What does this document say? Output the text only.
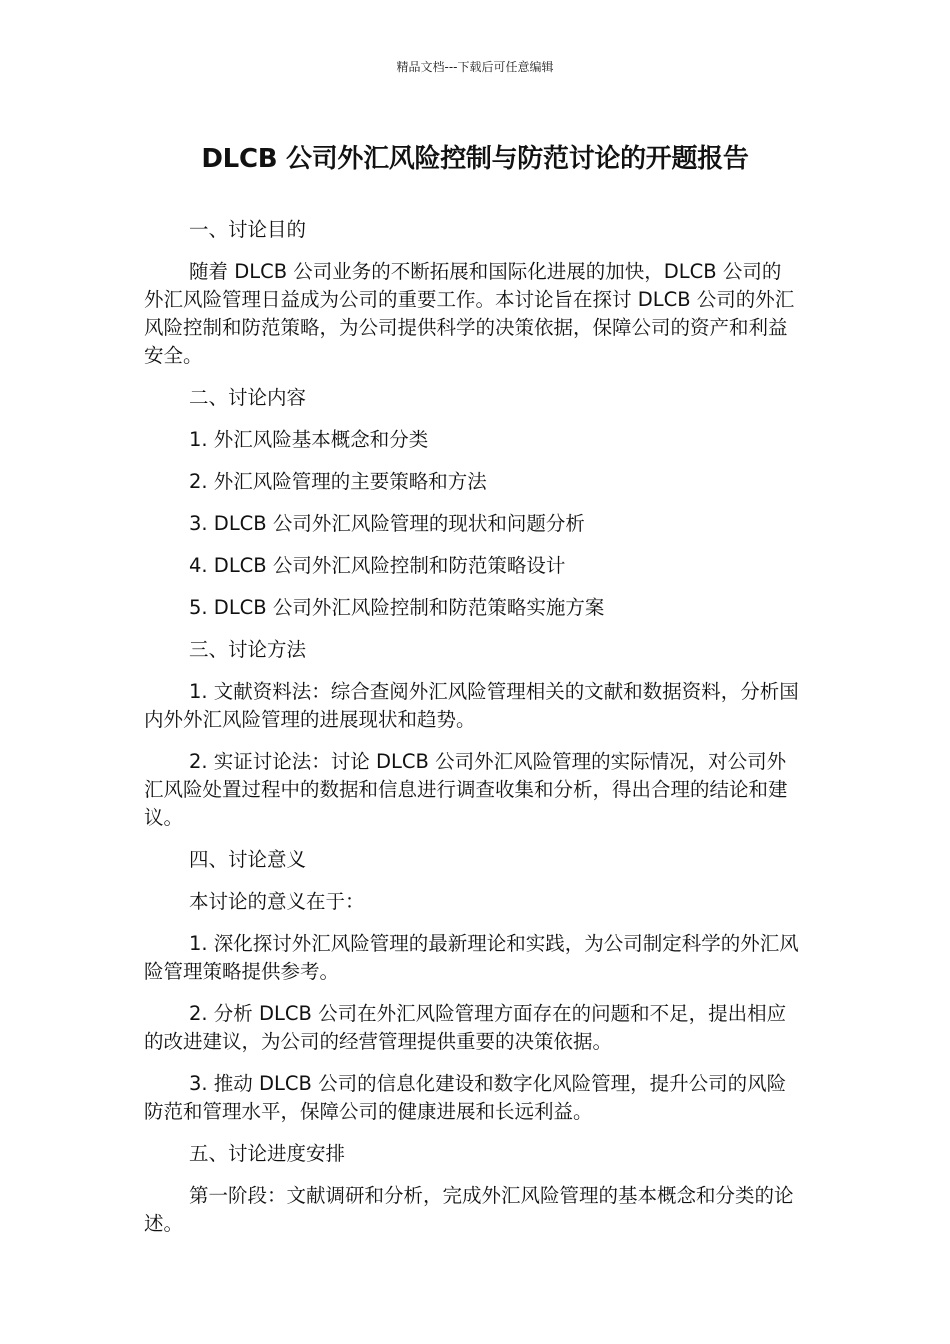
精品文档---下载后可任意编辑
DLCB 公司外汇风险控制与防范讨论的开题报告

一、讨论目的

随着 DLCB 公司业务的不断拓展和国际化进展的加快，DLCB 公司的外汇风险管理日益成为公司的重要工作。本讨论旨在探讨 DLCB 公司的外汇风险控制和防范策略，为公司提供科学的决策依据，保障公司的资产和利益安全。

二、讨论内容

1. 外汇风险基本概念和分类

2. 外汇风险管理的主要策略和方法

3. DLCB 公司外汇风险管理的现状和问题分析

4. DLCB 公司外汇风险控制和防范策略设计

5. DLCB 公司外汇风险控制和防范策略实施方案

三、讨论方法

1. 文献资料法：综合查阅外汇风险管理相关的文献和数据资料，分析国内外外汇风险管理的进展现状和趋势。

2. 实证讨论法：讨论 DLCB 公司外汇风险管理的实际情况，对公司外汇风险处置过程中的数据和信息进行调查收集和分析，得出合理的结论和建议。

四、讨论意义

本讨论的意义在于：

1. 深化探讨外汇风险管理的最新理论和实践，为公司制定科学的外汇风险管理策略提供参考。

2. 分析 DLCB 公司在外汇风险管理方面存在的问题和不足，提出相应的改进建议，为公司的经营管理提供重要的决策依据。

3. 推动 DLCB 公司的信息化建设和数字化风险管理，提升公司的风险防范和管理水平，保障公司的健康进展和长远利益。

五、讨论进度安排

第一阶段：文献调研和分析，完成外汇风险管理的基本概念和分类的论述。
